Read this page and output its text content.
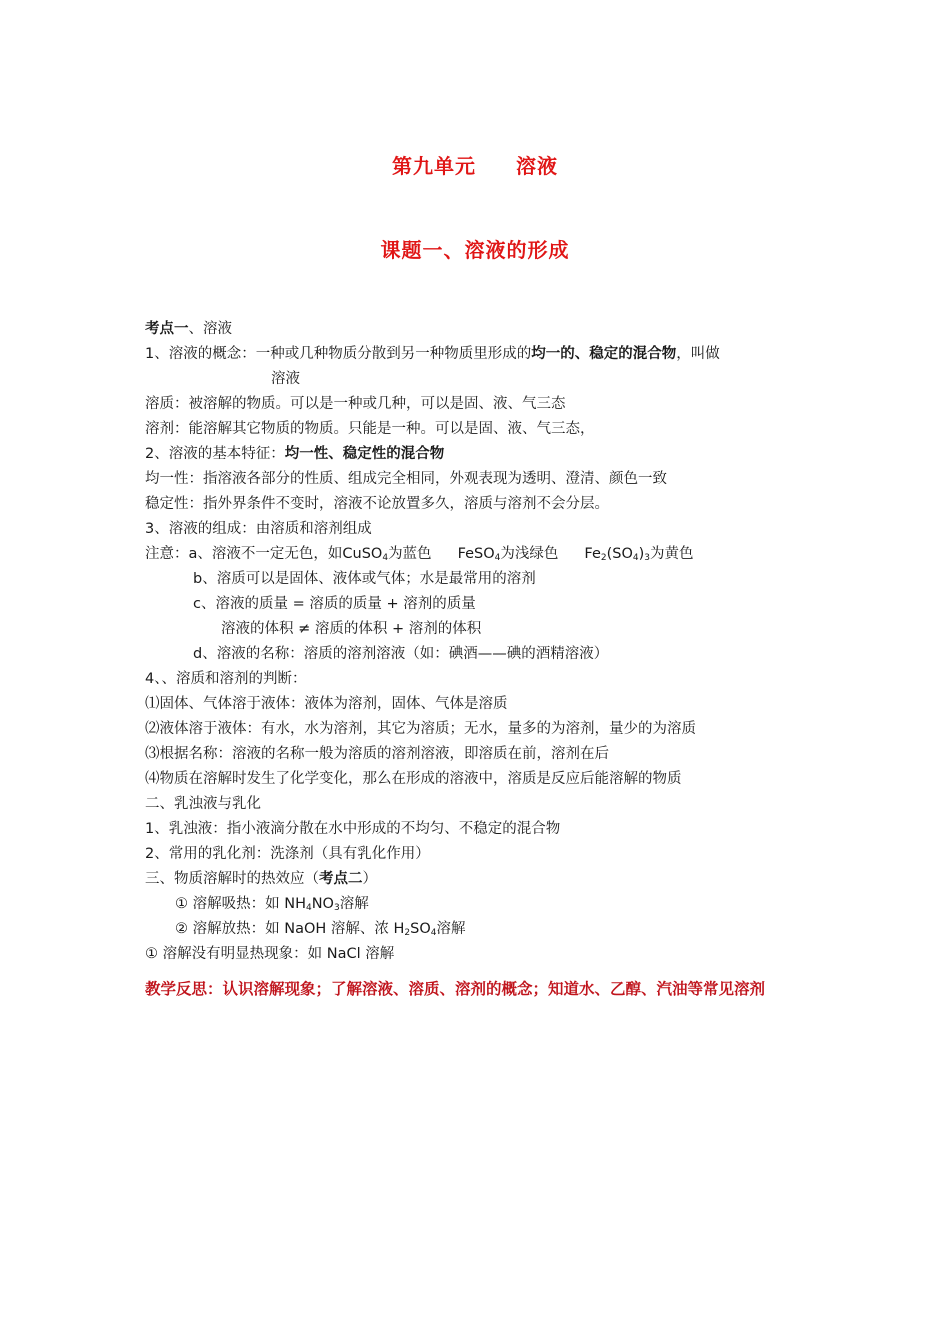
第九单元 溶液
课题一、溶液的形成
考点一、溶液
1、溶液的概念：一种或几种物质分散到另一种物质里形成的均一的、稳定的混合物，叫做
溶液
溶质：被溶解的物质。可以是一种或几种，可以是固、液、气三态
溶剂：能溶解其它物质的物质。只能是一种。可以是固、液、气三态，
2、溶液的基本特征：均一性、稳定性的混合物
均一性：指溶液各部分的性质、组成完全相同，外观表现为透明、澄清、颜色一致
稳定性：指外界条件不变时，溶液不论放置多久，溶质与溶剂不会分层。
3、溶液的组成：由溶质和溶剂组成
注意：a、溶液不一定无色，如CuSO$_4$为蓝色 FeSO$_4$为浅绿色 $Fe_2(SO_4)_3$为黄色
b、溶质可以是固体、液体或气体；水是最常用的溶剂
c、溶液的质量 = 溶质的质量 + 溶剂的质量
溶液的体积 ≠ 溶质的体积 + 溶剂的体积
d、溶液的名称：溶质的溶剂溶液（如：碘酒——碘的酒精溶液）
4、、溶质和溶剂的判断：
⑴固体、气体溶于液体：液体为溶剂，固体、气体是溶质
⑵液体溶于液体：有水，水为溶剂，其它为溶质；无水，量多的为溶剂，量少的为溶质
⑶根据名称：溶液的名称一般为溶质的溶剂溶液，即溶质在前，溶剂在后
⑷物质在溶解时发生了化学变化，那么在形成的溶液中，溶质是反应后能溶解的物质
二、乳浊液与乳化
1、乳浊液：指小液滴分散在水中形成的不均匀、不稳定的混合物
2、常用的乳化剂：洗涤剂（具有乳化作用）
三、物质溶解时的热效应（考点二）
① 溶解吸热：如 $NH_4NO_3$溶解
② 溶解放热：如 NaOH 溶解、浓 $H_2SO_4$溶解
① 溶解没有明显热现象：如 NaCl 溶解
教学反思：认识溶解现象；了解溶液、溶质、溶剂的概念；知道水、乙醇、汽油等常见溶剂
